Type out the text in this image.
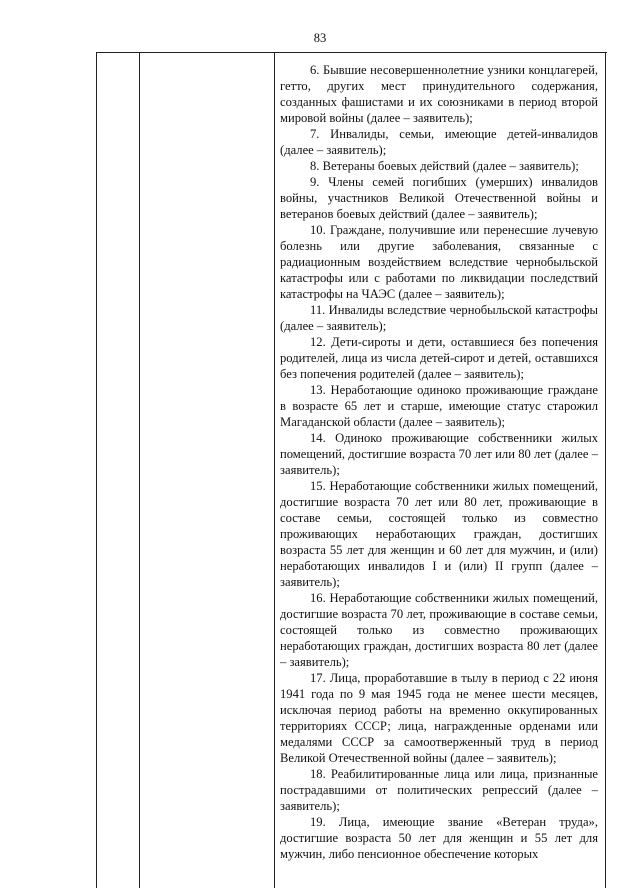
83

6. Бывшие несовершеннолетние узники концлагерей, гетто, других мест принудительного содержания, созданных фашистами и их союзниками в период второй мировой войны (далее – заявитель);

7. Инвалиды, семьи, имеющие детей-инвалидов (далее – заявитель);

8. Ветераны боевых действий (далее – заявитель);

9. Члены семей погибших (умерших) инвалидов войны, участников Великой Отечественной войны и ветеранов боевых действий (далее – заявитель);

10. Граждане, получившие или перенесшие лучевую болезнь или другие заболевания, связанные с радиационным воздействием вследствие чернобыльской катастрофы или с работами по ликвидации последствий катастрофы на ЧАЭС (далее – заявитель);

11. Инвалиды вследствие чернобыльской катастрофы (далее – заявитель);

12. Дети-сироты и дети, оставшиеся без попечения родителей, лица из числа детей-сирот и детей, оставшихся без попечения родителей (далее – заявитель);

13. Неработающие одиноко проживающие граждане в возрасте 65 лет и старше, имеющие статус старожил Магаданской области (далее – заявитель);

14. Одиноко проживающие собственники жилых помещений, достигшие возраста 70 лет или 80 лет (далее – заявитель);

15. Неработающие собственники жилых помещений, достигшие возраста 70 лет или 80 лет, проживающие в составе семьи, состоящей только из совместно проживающих неработающих граждан, достигших возраста 55 лет для женщин и 60 лет для мужчин, и (или) неработающих инвалидов I и (или) II групп (далее – заявитель);

16. Неработающие собственники жилых помещений, достигшие возраста 70 лет, проживающие в составе семьи, состоящей только из совместно проживающих неработающих граждан, достигших возраста 80 лет (далее – заявитель);

17. Лица, проработавшие в тылу в период с 22 июня 1941 года по 9 мая 1945 года не менее шести месяцев, исключая период работы на временно оккупированных территориях СССР; лица, награжденные орденами или медалями СССР за самоотверженный труд в период Великой Отечественной войны (далее – заявитель);

18. Реабилитированные лица или лица, признанные пострадавшими от политических репрессий (далее – заявитель);

19. Лица, имеющие звание «Ветеран труда», достигшие возраста 50 лет для женщин и 55 лет для мужчин, либо пенсионное обеспечение которых
